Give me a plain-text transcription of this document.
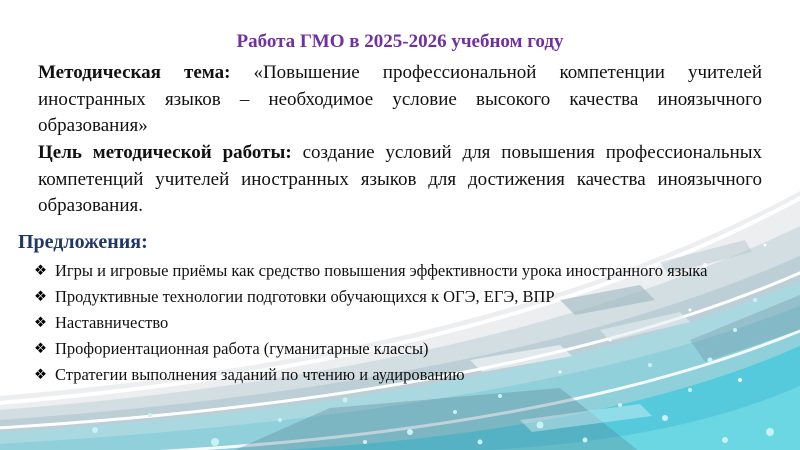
Работа ГМО в 2025-2026 учебном году

Методическая тема: «Повышение профессиональной компетенции учителей иностранных языков – необходимое условие высокого качества иноязычного образования»

Цель методической работы: создание условий для повышения профессиональных компетенций учителей иностранных языков для достижения качества иноязычного образования.

Предложения:
❖ Игры и игровые приёмы как средство повышения эффективности урока иностранного языка
❖ Продуктивные технологии подготовки обучающихся к ОГЭ, ЕГЭ, ВПР
❖ Наставничество
❖ Профориентационная работа (гуманитарные классы)
❖ Стратегии выполнения заданий по чтению и аудированию
